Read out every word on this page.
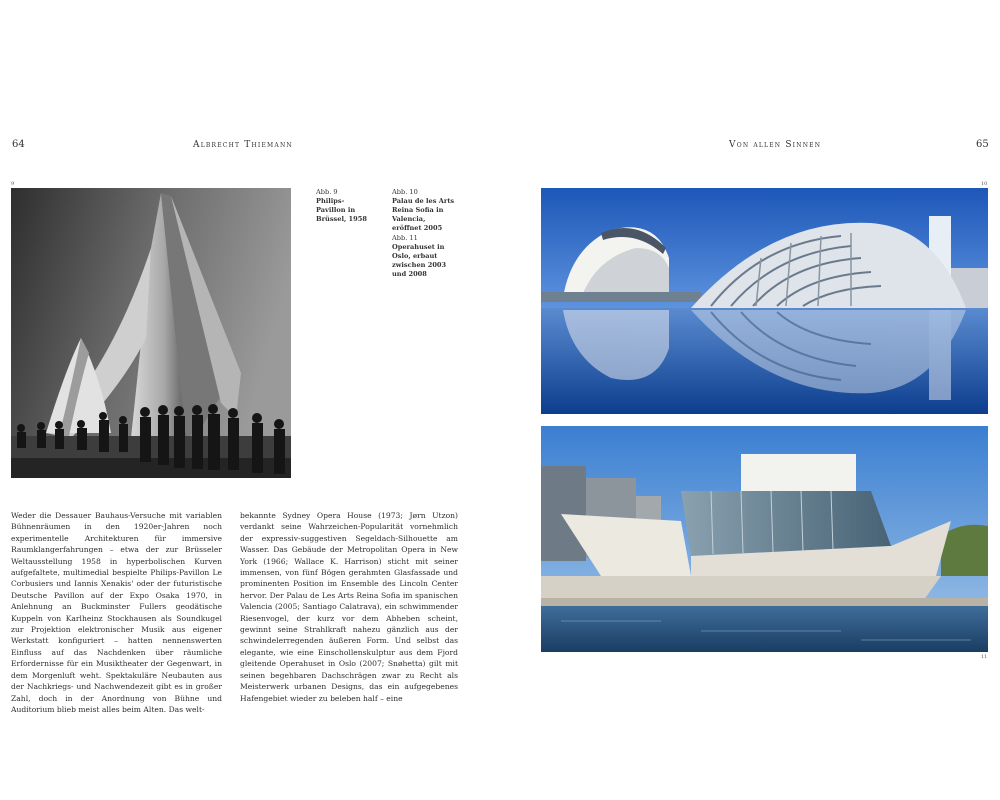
64	Albrecht Thiemann	Von allen Sinnen	65
9	10
11
Abb. 9
Philips-Pavillon in Brüssel, 1958
Abb. 10
Palau de les Arts Reina Sofia in Valencia, eröffnet 2005
Abb. 11
Operahuset in Oslo, erbaut zwischen 2003 und 2008
Weder die Dessauer Bauhaus-Versuche mit variablen Bühnenräumen in den 1920er-Jahren noch experimentelle Architekturen für immersive Raumklangerfahrungen – etwa der zur Brüsseler Weltausstellung 1958 in hyperbolischen Kurven aufgefaltete, multimedial bespielte Philips-Pavillon Le Corbusiers und Iannis Xenakis' oder der futuristische Deutsche Pavillon auf der Expo Osaka 1970, in Anlehnung an Buckminster Fullers geodätische Kuppeln von Karlheinz Stockhausen als Soundkugel zur Projektion elektronischer Musik aus eigener Werkstatt konfiguriert – hatten nennenswerten Einfluss auf das Nachdenken über räumliche Erfordernisse für ein Musiktheater der Gegenwart, in dem Morgenluft weht. Spektakuläre Neubauten aus der Nachkriegs- und Nachwendezeit gibt es in großer Zahl, doch in der Anordnung von Bühne und Auditorium blieb meist alles beim Alten. Das welt-
bekannte Sydney Opera House (1973; Jørn Utzon) verdankt seine Wahrzeichen-Popularität vornehmlich der expressiv-suggestiven Segeldach-Silhouette am Wasser. Das Gebäude der Metropolitan Opera in New York (1966; Wallace K. Harrison) sticht mit seiner immensen, von fünf Bögen gerahmten Glasfassade und prominenten Position im Ensemble des Lincoln Center hervor. Der Palau de Les Arts Reina Sofia im spanischen Valencia (2005; Santiago Calatrava), ein schwimmender Riesenvogel, der kurz vor dem Abheben scheint, gewinnt seine Strahlkraft nahezu gänzlich aus der schwindelerregenden äußeren Form. Und selbst das elegante, wie eine Einschollenskulptur aus dem Fjord gleitende Operahuset in Oslo (2007; Snøhetta) gilt mit seinen begehbaren Dachschrägen zwar zu Recht als Meisterwerk urbanen Designs, das ein aufgegebenes Hafengebiet wieder zu beleben half – eine
